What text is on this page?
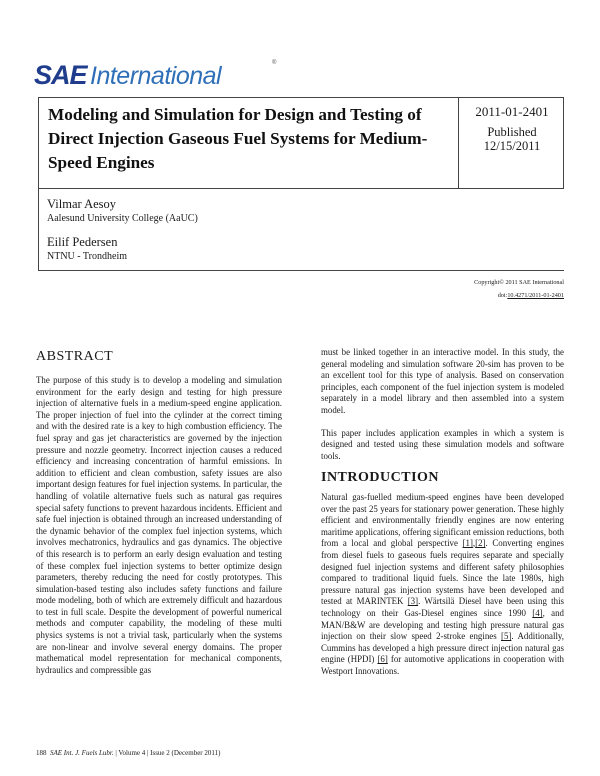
SAE International	®
Modeling and Simulation for Design and Testing of Direct Injection Gaseous Fuel Systems for Medium-Speed Engines
2011-01-2401
Published
12/15/2011
Vilmar Aesoy
Aalesund University College (AaUC)
Eilif Pedersen
NTNU - Trondheim
Copyright© 2011 SAE International
doi:10.4271/2011-01-2401
ABSTRACT

The purpose of this study is to develop a modeling and simulation environment for the early design and testing for high pressure injection of alternative fuels in a medium-speed engine application. The proper injection of fuel into the cylinder at the correct timing and with the desired rate is a key to high combustion efficiency. The fuel spray and gas jet characteristics are governed by the injection pressure and nozzle geometry. Incorrect injection causes a reduced efficiency and increasing concentration of harmful emissions. In addition to efficient and clean combustion, safety issues are also important design features for fuel injection systems. In particular, the handling of volatile alternative fuels such as natural gas requires special safety functions to prevent hazardous incidents. Efficient and safe fuel injection is obtained through an increased understanding of the dynamic behavior of the complex fuel injection systems, which involves mechatronics, hydraulics and gas dynamics. The objective of this research is to perform an early design evaluation and testing of these complex fuel injection systems to better optimize design parameters, thereby reducing the need for costly prototypes. This simulation-based testing also includes safety functions and failure mode modeling, both of which are extremely difficult and hazardous to test in full scale. Despite the development of powerful numerical methods and computer capability, the modeling of these multi physics systems is not a trivial task, particularly when the systems are non-linear and involve several energy domains. The proper mathematical model representation for mechanical components, hydraulics and compressible gas

must be linked together in an interactive model. In this study, the general modeling and simulation software 20-sim has proven to be an excellent tool for this type of analysis. Based on conservation principles, each component of the fuel injection system is modeled separately in a model library and then assembled into a system model.

This paper includes application examples in which a system is designed and tested using these simulation models and software tools.

INTRODUCTION

Natural gas-fuelled medium-speed engines have been developed over the past 25 years for stationary power generation. These highly efficient and environmentally friendly engines are now entering maritime applications, offering significant emission reductions, both from a local and global perspective [1],[2]. Converting engines from diesel fuels to gaseous fuels requires separate and specially designed fuel injection systems and different safety philosophies compared to traditional liquid fuels. Since the late 1980s, high pressure natural gas injection systems have been developed and tested at MARINTEK [3]. Wärtsilä Diesel have been using this technology on their Gas-Diesel engines since 1990 [4], and MAN/B&W are developing and testing high pressure natural gas injection on their slow speed 2-stroke engines [5]. Additionally, Cummins has developed a high pressure direct injection natural gas engine (HPDI) [6] for automotive applications in cooperation with Westport Innovations.

188 SAE Int. J. Fuels Lubr. | Volume 4 | Issue 2 (December 2011)
